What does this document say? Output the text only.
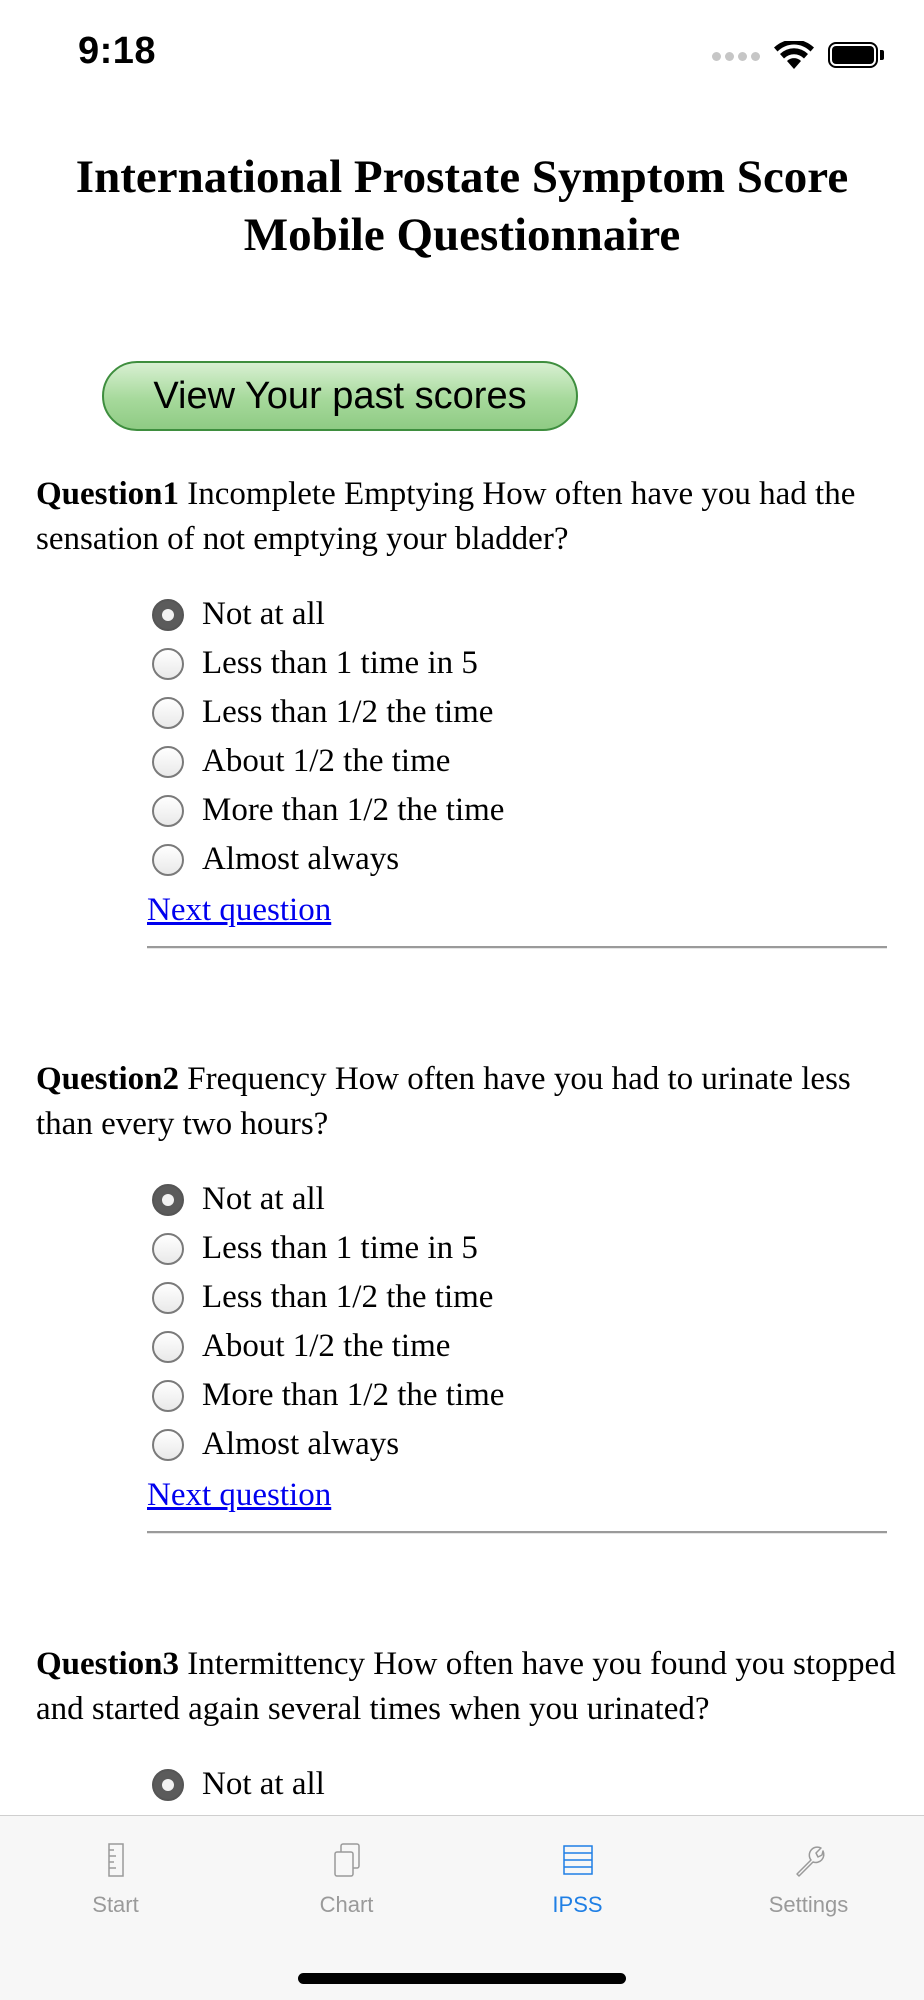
9:18
International Prostate Symptom Score
Mobile Questionnaire
View Your past scores

Question1 Incomplete Emptying How often have you had the sensation of not emptying your bladder?

Not at all
Less than 1 time in 5
Less than 1/2 the time
About 1/2 the time
More than 1/2 the time
Almost always
Next question

Question2 Frequency How often have you had to urinate less than every two hours?

Not at all
Less than 1 time in 5
Less than 1/2 the time
About 1/2 the time
More than 1/2 the time
Almost always
Next question

Question3 Intermittency How often have you found you stopped and started again several times when you urinated?

Not at all
Start	Chart	IPSS	Settings
